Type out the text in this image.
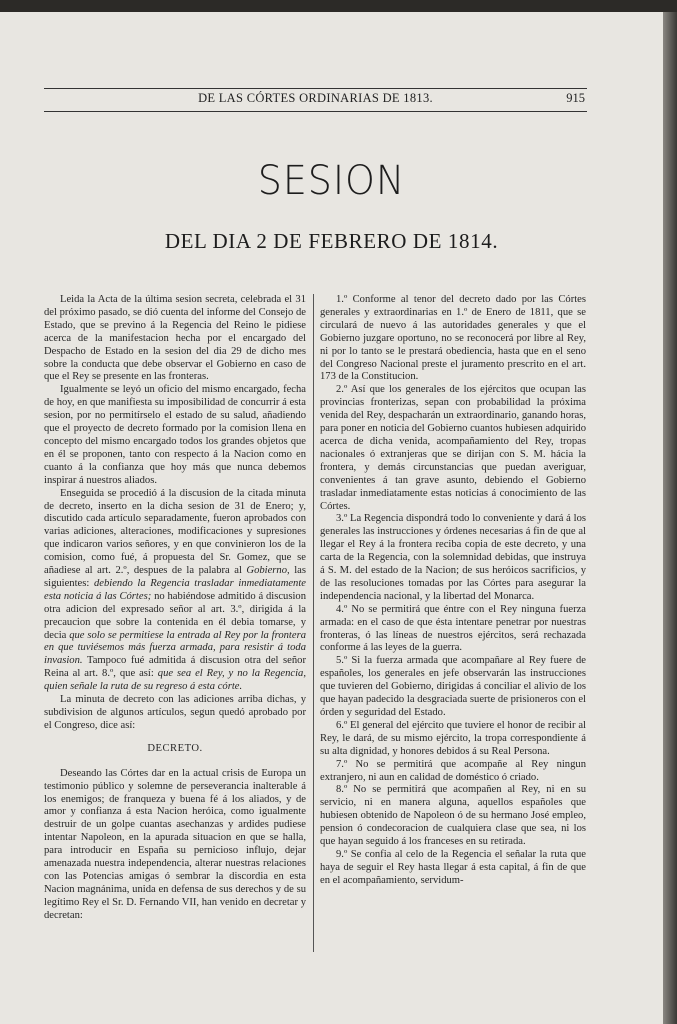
DE LAS CÓRTES ORDINARIAS DE 1813.	915
SESION
DEL DIA 2 DE FEBRERO DE 1814.

Leida la Acta de la última sesion secreta, celebrada el 31 del próximo pasado, se dió cuenta del informe del Consejo de Estado, que se previno á la Regencia del Reino le pidiese acerca de la manifestacion hecha por el encargado del Despacho de Estado en la sesion del dia 29 de dicho mes sobre la conducta que debe observar el Gobierno en caso de que el Rey se presente en las fronteras.

Igualmente se leyó un oficio del mismo encargado, fecha de hoy, en que manifiesta su imposibilidad de concurrir á esta sesion, por no permitírselo el estado de su salud, añadiendo que el proyecto de decreto formado por la comision llena en concepto del mismo encargado todos los grandes objetos que en él se proponen, tanto con respecto á la Nacion como en cuanto á la confianza que hoy más que nunca debemos inspirar á nuestros aliados.

Enseguida se procedió á la discusion de la citada minuta de decreto, inserto en la dicha sesion de 31 de Enero; y, discutido cada artículo separadamente, fueron aprobados con varias adiciones, alteraciones, modificaciones y supresiones que indicaron varios señores, y en que convinieron los de la comision, como fué, á propuesta del Sr. Gomez, que se añadiese al art. 2.º, despues de la palabra al Gobierno, las siguientes: debiendo la Regencia trasladar inmediatamente esta noticia á las Córtes; no habiéndose admitido á discusion otra adicion del expresado señor al art. 3.º, dirigida á la precaucion que sobre la contenida en él debia tomarse, y decia que solo se permitiese la entrada al Rey por la frontera en que tuviésemos más fuerza armada, para resistir á toda invasion. Tampoco fué admitida á discusion otra del señor Reina al art. 8.º, que así: que sea el Rey, y no la Regencia, quien señale la ruta de su regreso á esta córte.

La minuta de decreto con las adiciones arriba dichas, y subdivision de algunos artículos, segun quedó aprobado por el Congreso, dice así:

DECRETO.

Deseando las Córtes dar en la actual crisis de Europa un testimonio público y solemne de perseverancia inalterable á los enemigos; de franqueza y buena fé á los aliados, y de amor y confianza á esta Nacion heróica, como igualmente destruir de un golpe cuantas asechanzas y ardides pudiese intentar Napoleon, en la apurada situacion en que se halla, para introducir en España su pernicioso influjo, dejar amenazada nuestra independencia, alterar nuestras relaciones con las Potencias amigas ó sembrar la discordia en esta Nacion magnánima, unida en defensa de sus derechos y de su legítimo Rey el Sr. D. Fernando VII, han venido en decretar y decretan:

1.º Conforme al tenor del decreto dado por las Córtes generales y extraordinarias en 1.º de Enero de 1811, que se circulará de nuevo á las autoridades generales y que el Gobierno juzgare oportuno, no se reconocerá por libre al Rey, ni por lo tanto se le prestará obediencia, hasta que en el seno del Congreso Nacional preste el juramento prescrito en el art. 173 de la Constitucion.

2.º Así que los generales de los ejércitos que ocupan las provincias fronterizas, sepan con probabilidad la próxima venida del Rey, despacharán un extraordinario, ganando horas, para poner en noticia del Gobierno cuantos hubiesen adquirido acerca de dicha venida, acompañamiento del Rey, tropas nacionales ó extranjeras que se dirijan con S. M. hácia la frontera, y demás circunstancias que puedan averiguar, convenientes á tan grave asunto, debiendo el Gobierno trasladar inmediatamente estas noticias á conocimiento de las Córtes.

3.º La Regencia dispondrá todo lo conveniente y dará á los generales las instrucciones y órdenes necesarias á fin de que al llegar el Rey á la frontera reciba copia de este decreto, y una carta de la Regencia, con la solemnidad debidas, que instruya á S. M. del estado de la Nacion; de sus heróicos sacrificios, y de las resoluciones tomadas por las Córtes para asegurar la independencia nacional, y la libertad del Monarca.

4.º No se permitirá que éntre con el Rey ninguna fuerza armada: en el caso de que ésta intentare penetrar por nuestras fronteras, ó las líneas de nuestros ejércitos, será rechazada conforme á las leyes de la guerra.

5.º Si la fuerza armada que acompañare al Rey fuere de españoles, los generales en jefe observarán las instrucciones que tuvieren del Gobierno, dirigidas á conciliar el alivio de los que hayan padecido la desgraciada suerte de prisioneros con el órden y seguridad del Estado.

6.º El general del ejército que tuviere el honor de recibir al Rey, le dará, de su mismo ejército, la tropa correspondiente á su alta dignidad, y honores debidos á su Real Persona.

7.º No se permitirá que acompañe al Rey ningun extranjero, ni aun en calidad de doméstico ó criado.

8.º No se permitirá que acompañen al Rey, ni en su servicio, ni en manera alguna, aquellos españoles que hubiesen obtenido de Napoleon ó de su hermano José empleo, pension ó condecoracion de cualquiera clase que sea, ni los que hayan seguido á los franceses en su retirada.

9.º Se confia al celo de la Regencia el señalar la ruta que haya de seguir el Rey hasta llegar á esta capital, á fin de que en el acompañamiento, servidum-
